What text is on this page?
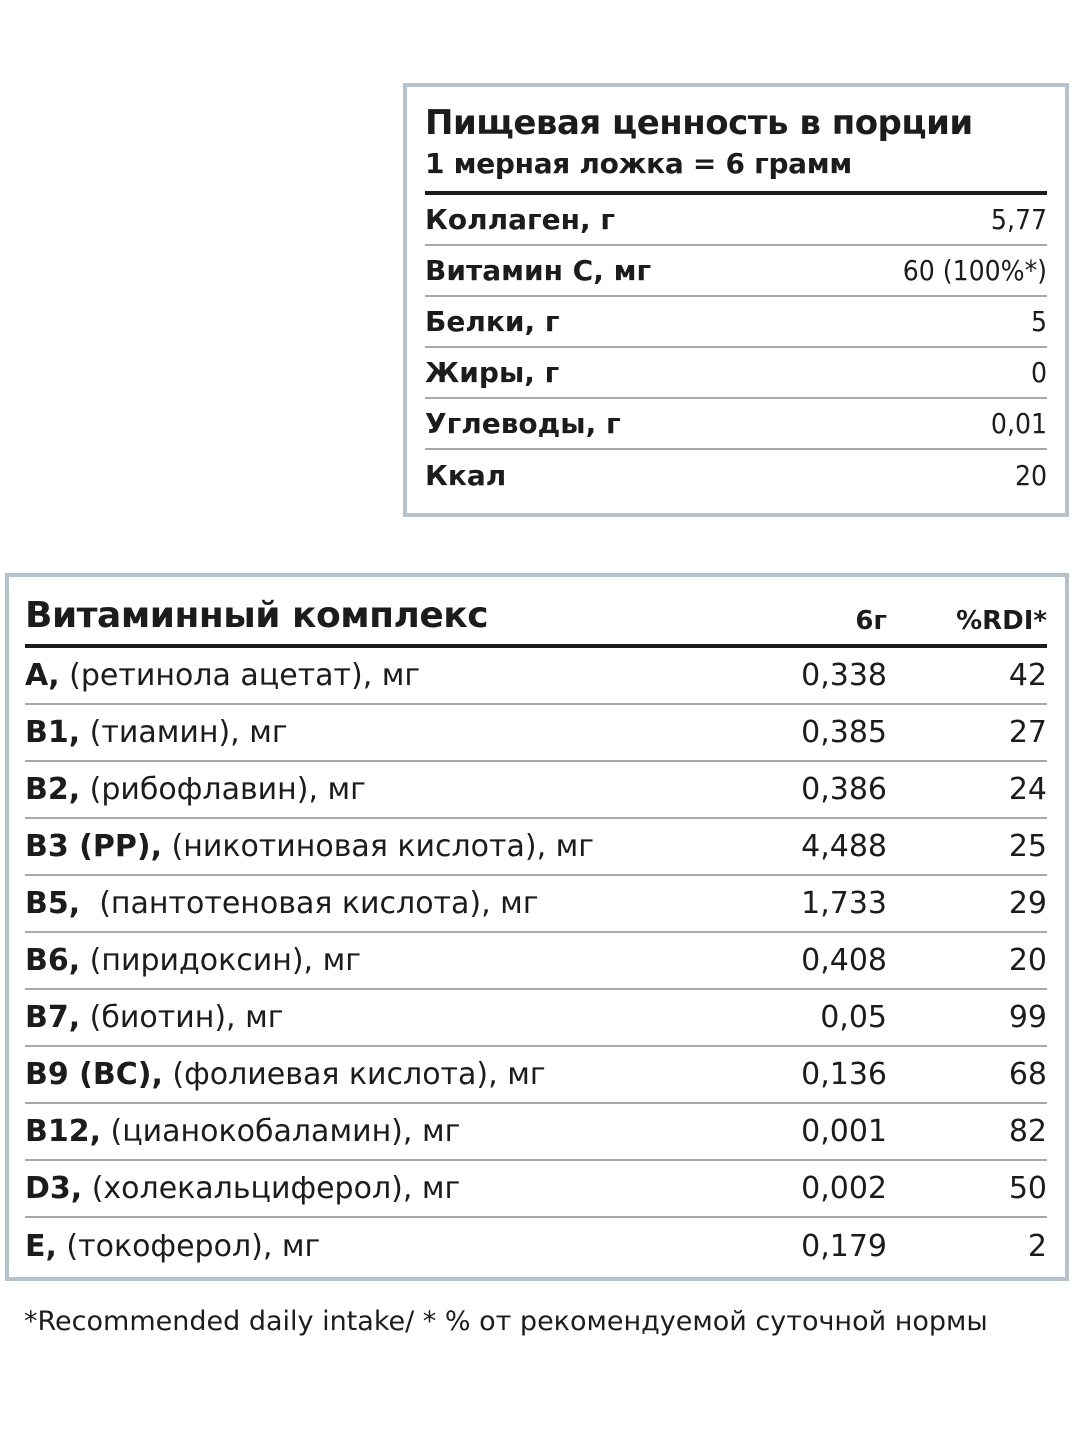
Пищевая ценность в порции
1 мерная ложка = 6 грамм
Коллаген, г	5,77
Витамин С, мг	60 (100%*)
Белки, г	5
Жиры, г	0
Углеводы, г	0,01
Ккал	20
Витаминный комплекс	6г	%RDI*
А, (ретинола ацетат), мг	0,338	42
В1, (тиамин), мг	0,385	27
В2, (рибофлавин), мг	0,386	24
В3 (РР), (никотиновая кислота), мг	4,488	25
В5,  (пантотеновая кислота), мг	1,733	29
В6, (пиридоксин), мг	0,408	20
В7, (биотин), мг	0,05	99
В9 (ВС), (фолиевая кислота), мг	0,136	68
В12, (цианокобаламин), мг	0,001	82
D3, (холекальциферол), мг	0,002	50
Е, (токоферол), мг	0,179	2
*Recommended daily intake/ * % от рекомендуемой суточной нормы
